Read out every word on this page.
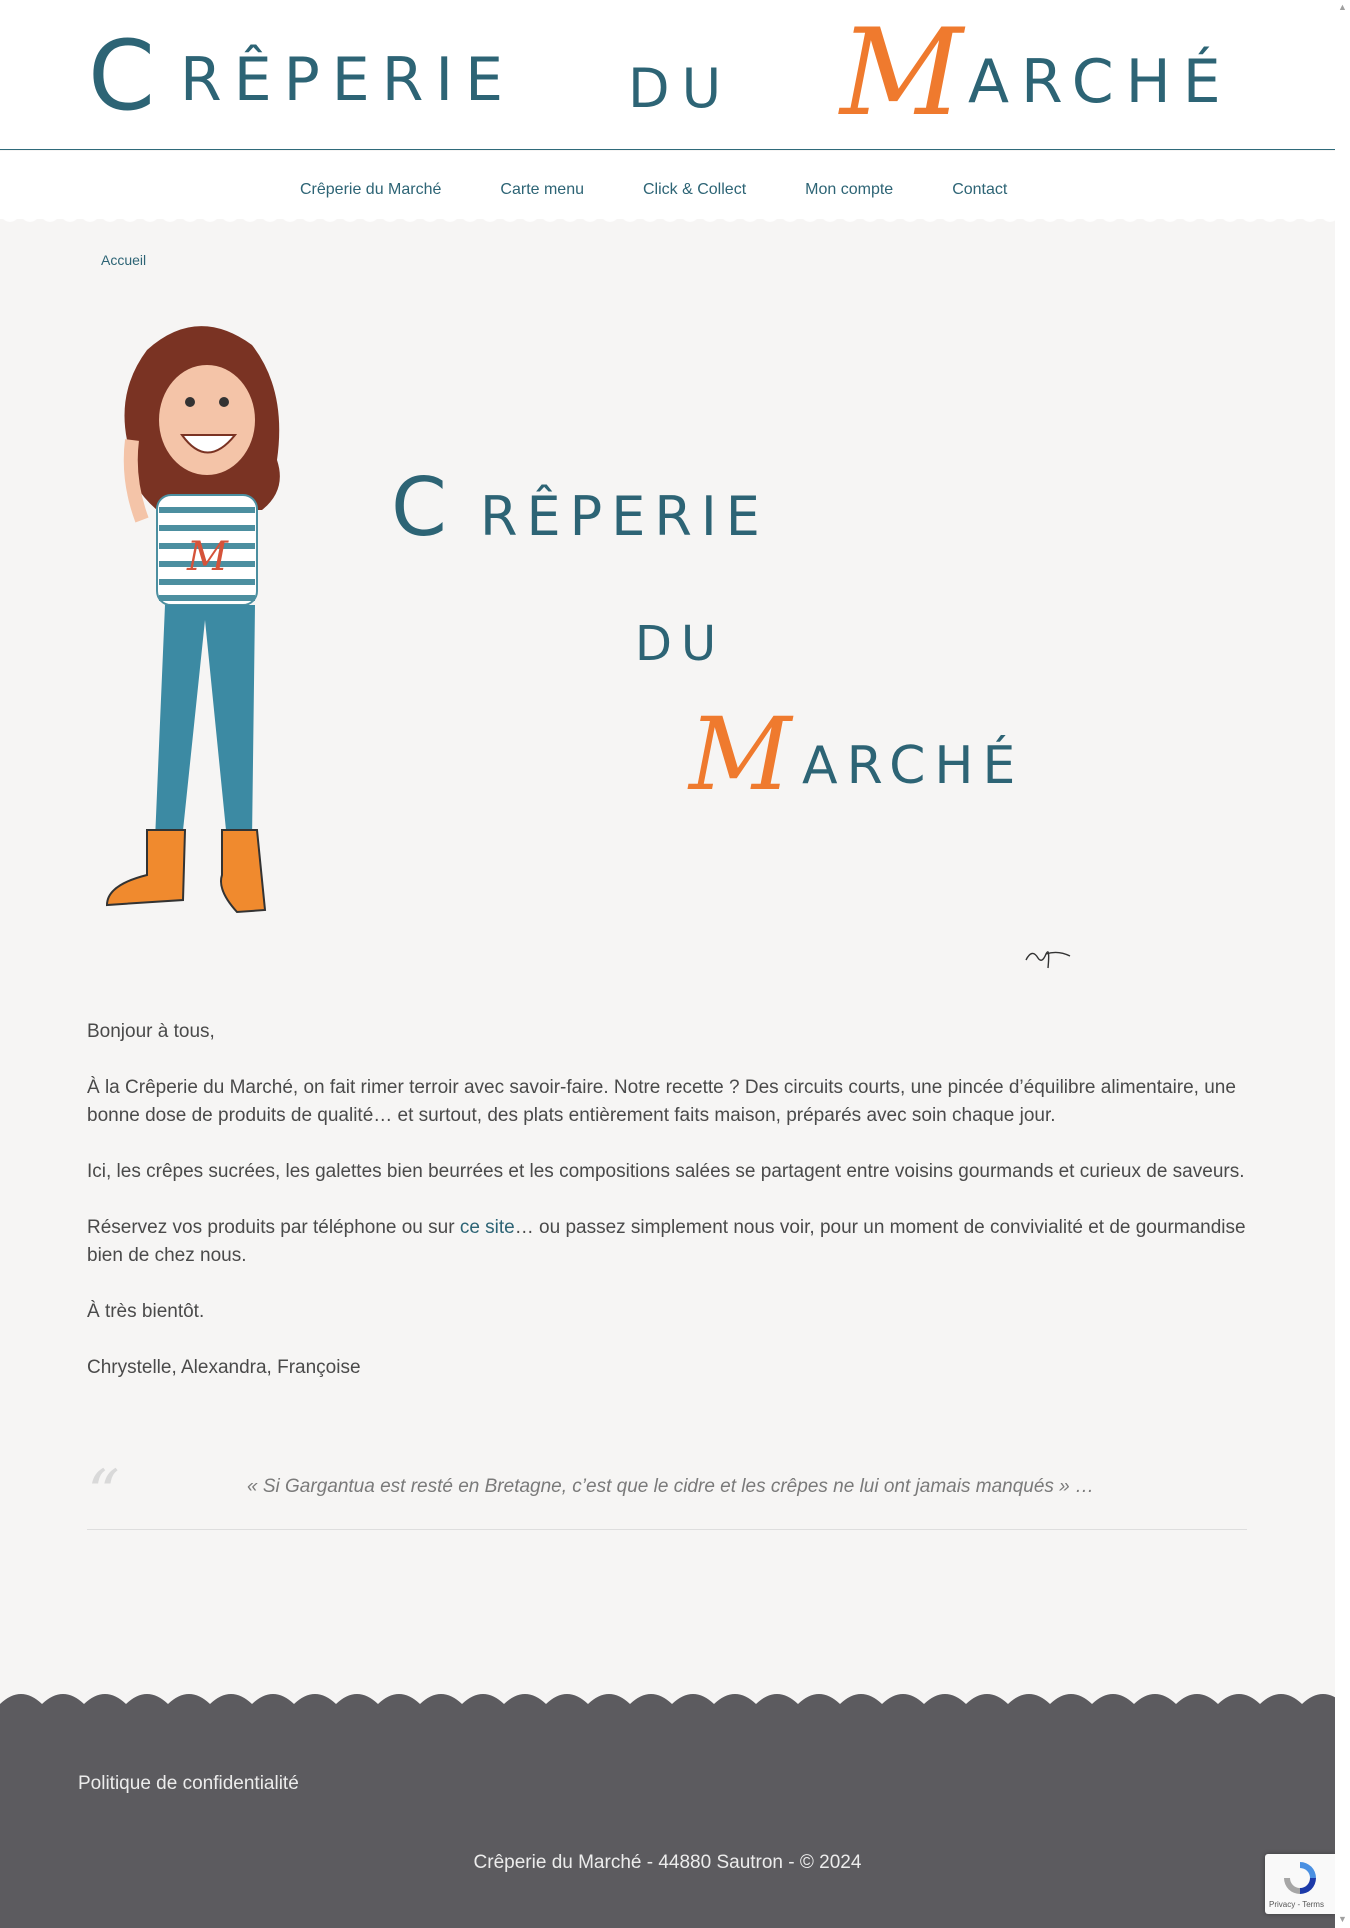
C RÊPERIE DU M ARCHÉ
Crêperie du Marché	Carte menu	Click & Collect	Mon compte	Contact
Accueil
M
C RÊPERIE
DU
M ARCHÉ

Bonjour à tous,

À la Crêperie du Marché, on fait rimer terroir avec savoir-faire. Notre recette ? Des circuits courts, une pincée d’équilibre alimentaire, une bonne dose de produits de qualité… et surtout, des plats entièrement faits maison, préparés avec soin chaque jour.

Ici, les crêpes sucrées, les galettes bien beurrées et les compositions salées se partagent entre voisins gourmands et curieux de saveurs.

Réservez vos produits par téléphone ou sur ce site… ou passez simplement nous voir, pour un moment de convivialité et de gourmandise bien de chez nous.

À très bientôt.

Chrystelle, Alexandra, Françoise

“	« Si Gargantua est resté en Bretagne, c’est que le cidre et les crêpes ne lui ont jamais manqués » …
Politique de confidentialité
Crêperie du Marché - 44880 Sautron - © 2024
Privacy - Terms
▲
▼
